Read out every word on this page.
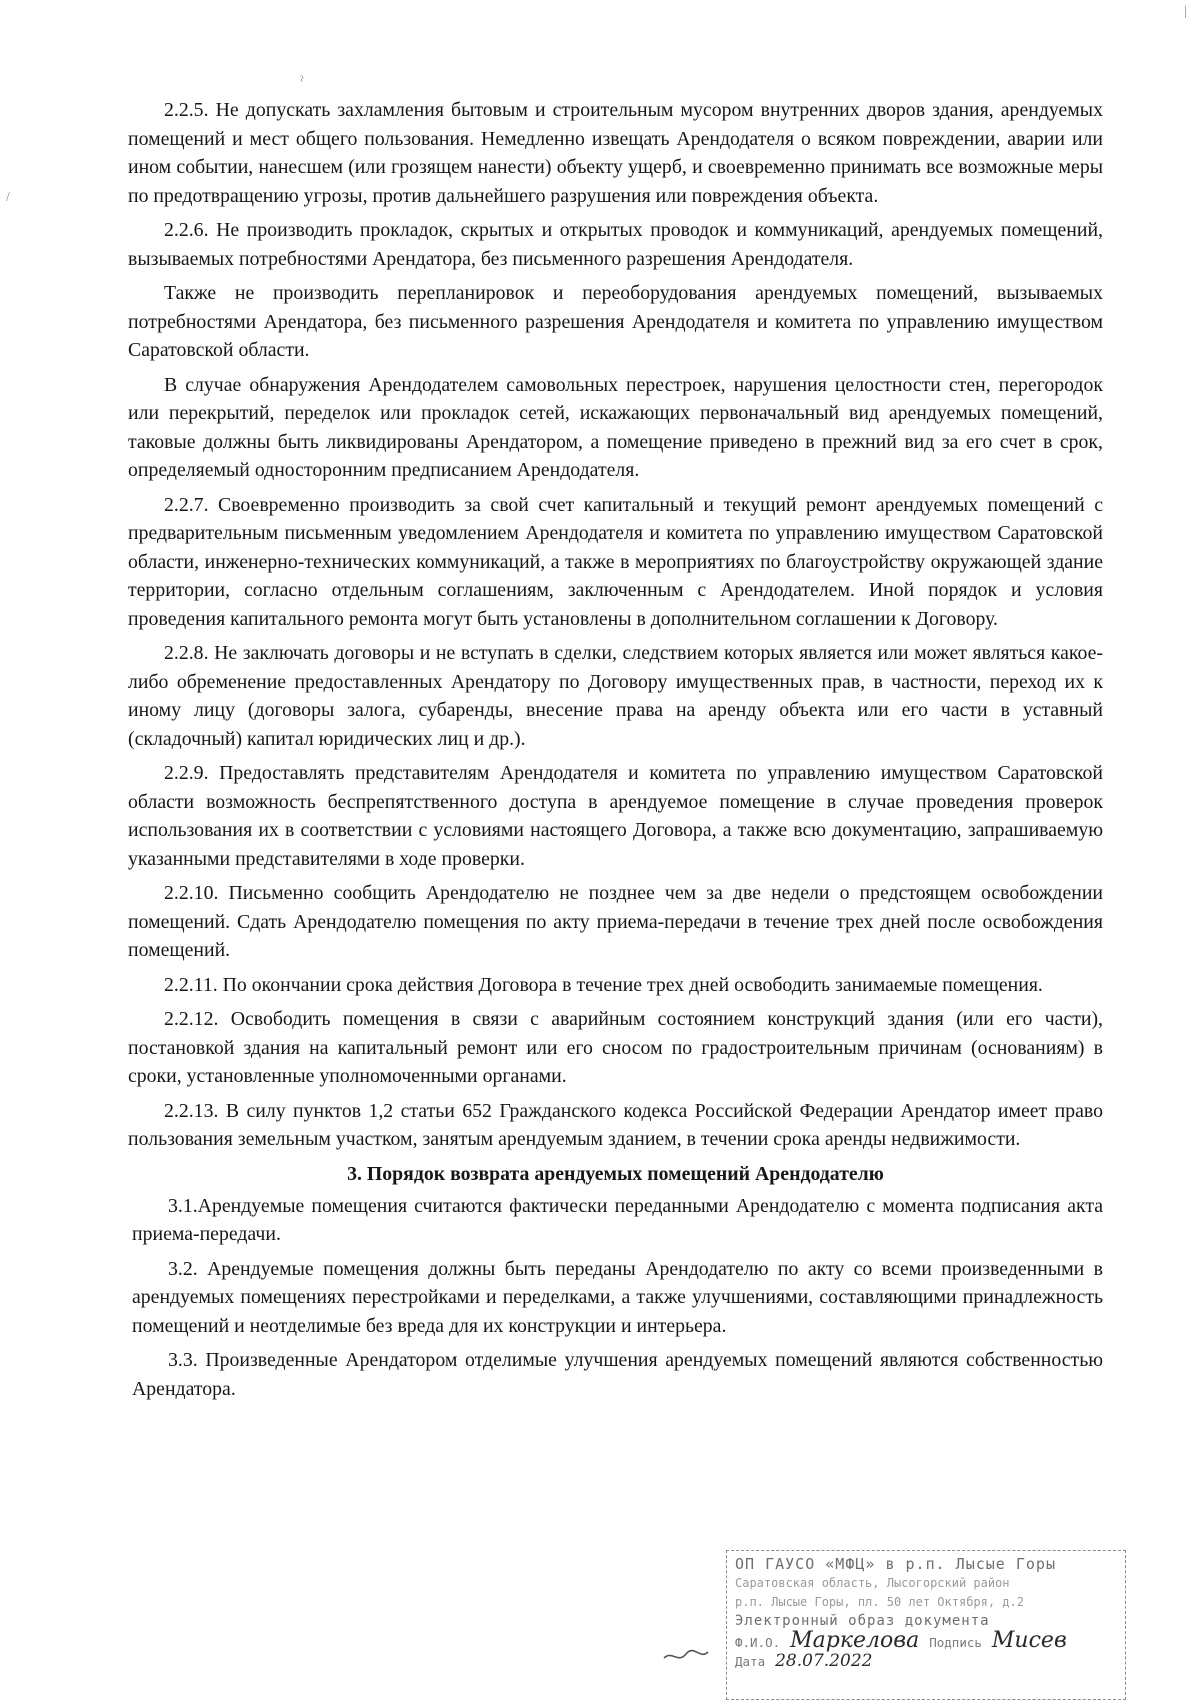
2.2.5. Не допускать захламления бытовым и строительным мусором внутренних дворов здания, арендуемых помещений и мест общего пользования. Немедленно извещать Арендодателя о всяком повреждении, аварии или ином событии, нанесшем (или грозящем нанести) объекту ущерб, и своевременно принимать все возможные меры по предотвращению угрозы, против дальнейшего разрушения или повреждения объекта.

2.2.6. Не производить прокладок, скрытых и открытых проводок и коммуникаций, арендуемых помещений, вызываемых потребностями Арендатора, без письменного разрешения Арендодателя.

Также не производить перепланировок и переоборудования арендуемых помещений, вызываемых потребностями Арендатора, без письменного разрешения Арендодателя и комитета по управлению имуществом Саратовской области.

В случае обнаружения Арендодателем самовольных перестроек, нарушения целостности стен, перегородок или перекрытий, переделок или прокладок сетей, искажающих первоначальный вид арендуемых помещений, таковые должны быть ликвидированы Арендатором, а помещение приведено в прежний вид за его счет в срок, определяемый односторонним предписанием Арендодателя.

2.2.7. Своевременно производить за свой счет капитальный и текущий ремонт арендуемых помещений с предварительным письменным уведомлением Арендодателя и комитета по управлению имуществом Саратовской области, инженерно-технических коммуникаций, а также в мероприятиях по благоустройству окружающей здание территории, согласно отдельным соглашениям, заключенным с Арендодателем. Иной порядок и условия проведения капитального ремонта могут быть установлены в дополнительном соглашении к Договору.

2.2.8. Не заключать договоры и не вступать в сделки, следствием которых является или может являться какое-либо обременение предоставленных Арендатору по Договору имущественных прав, в частности, переход их к иному лицу (договоры залога, субаренды, внесение права на аренду объекта или его части в уставный (складочный) капитал юридических лиц и др.).

2.2.9. Предоставлять представителям Арендодателя и комитета по управлению имуществом Саратовской области возможность беспрепятственного доступа в арендуемое помещение в случае проведения проверок использования их в соответствии с условиями настоящего Договора, а также всю документацию, запрашиваемую указанными представителями в ходе проверки.

2.2.10. Письменно сообщить Арендодателю не позднее чем за две недели о предстоящем освобождении помещений. Сдать Арендодателю помещения по акту приема-передачи в течение трех дней после освобождения помещений.

2.2.11. По окончании срока действия Договора в течение трех дней освободить занимаемые помещения.

2.2.12. Освободить помещения в связи с аварийным состоянием конструкций здания (или его части), постановкой здания на капитальный ремонт или его сносом по градостроительным причинам (основаниям) в сроки, установленные уполномоченными органами.

2.2.13. В силу пунктов 1,2 статьи 652 Гражданского кодекса Российской Федерации Арендатор имеет право пользования земельным участком, занятым арендуемым зданием, в течении срока аренды недвижимости.

3. Порядок возврата арендуемых помещений Арендодателю

3.1.Арендуемые помещения считаются фактически переданными Арендодателю с момента подписания акта приема-передачи.

3.2. Арендуемые помещения должны быть переданы Арендодателю по акту со всеми произведенными в арендуемых помещениях перестройками и переделками, а также улучшениями, составляющими принадлежность помещений и неотделимые без вреда для их конструкции и интерьера.

3.3. Произведенные Арендатором отделимые улучшения арендуемых помещений являются собственностью Арендатора.

ОП ГАУСО «МФЦ» в р.п. Лысые Горы
Саратовская область, Лысогорский район
р.п. Лысые Горы, пл. 50 лет Октября, д.2
Электронный образ документа
Ф.И.О. Маркелова Подпись Мисев
Дата 28.07.2022
ˀ
/
|
